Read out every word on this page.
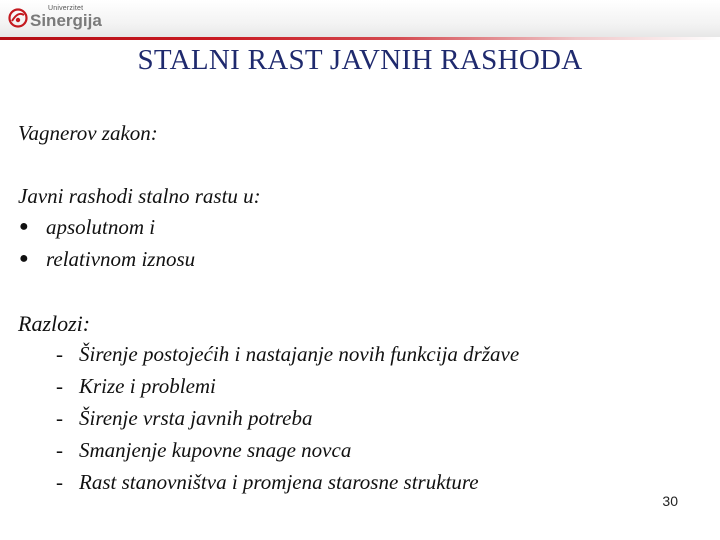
Univerzitet
Sinergija
STALNI RAST JAVNIH RASHODA
Vagnerov zakon:
Javni rashodi stalno rastu u:
● apsolutnom i
● relativnom iznosu
Razlozi:
- Širenje postojećih i nastajanje novih funkcija države
- Krize i problemi
- Širenje vrsta javnih potreba
- Smanjenje kupovne snage novca
- Rast stanovništva i promjena starosne strukture
30
